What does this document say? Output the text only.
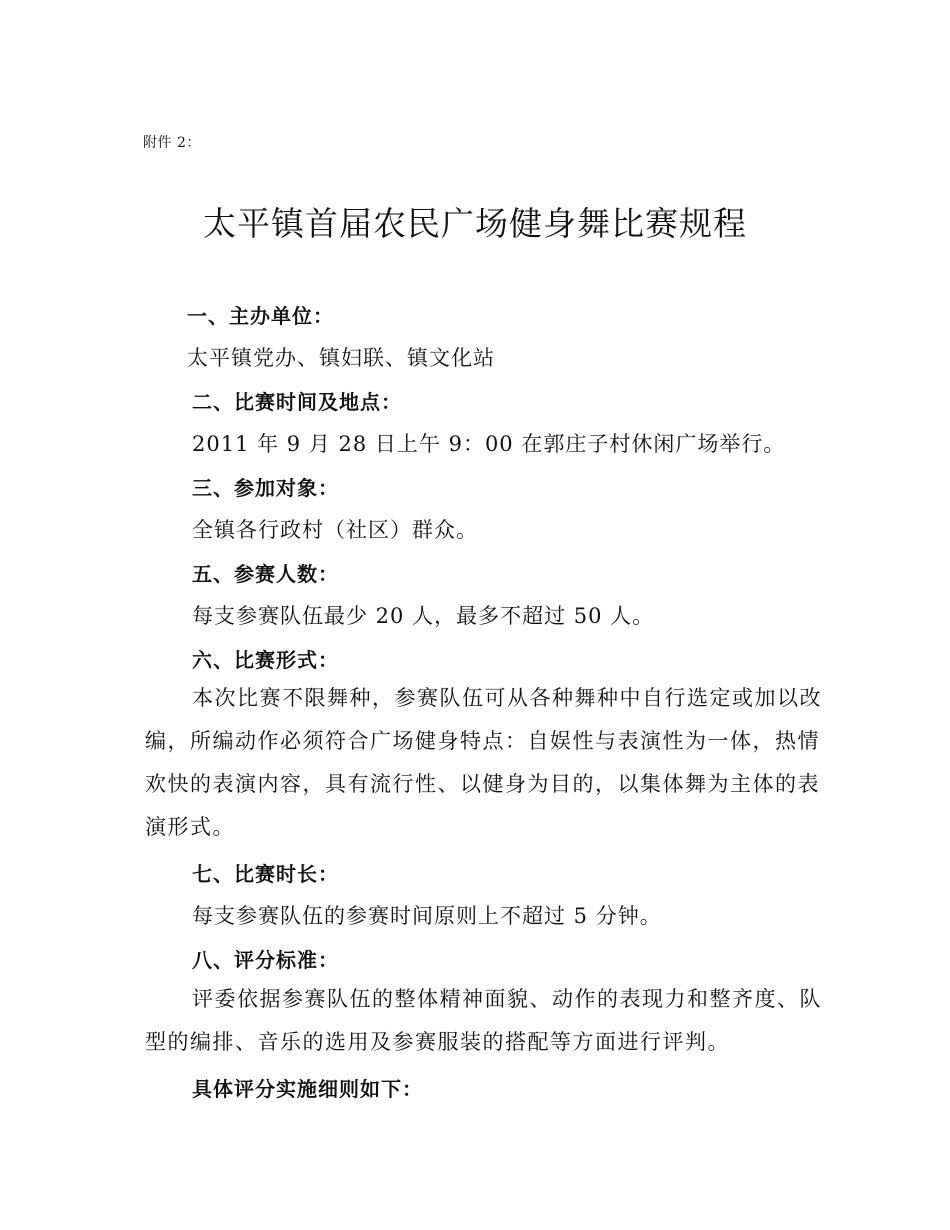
附件 2：
太平镇首届农民广场健身舞比赛规程
一、主办单位：
太平镇党办、镇妇联、镇文化站
二、比赛时间及地点：
2011 年 9 月 28 日上午 9：00 在郭庄子村休闲广场举行。
三、参加对象：
全镇各行政村（社区）群众。
五、参赛人数：
每支参赛队伍最少 20 人，最多不超过 50 人。
六、比赛形式：

本次比赛不限舞种，参赛队伍可从各种舞种中自行选定或加以改编，所编动作必须符合广场健身特点：自娱性与表演性为一体，热情欢快的表演内容，具有流行性、以健身为目的，以集体舞为主体的表演形式。

七、比赛时长：
每支参赛队伍的参赛时间原则上不超过 5 分钟。
八、评分标准：

评委依据参赛队伍的整体精神面貌、动作的表现力和整齐度、队型的编排、音乐的选用及参赛服装的搭配等方面进行评判。

具体评分实施细则如下：
